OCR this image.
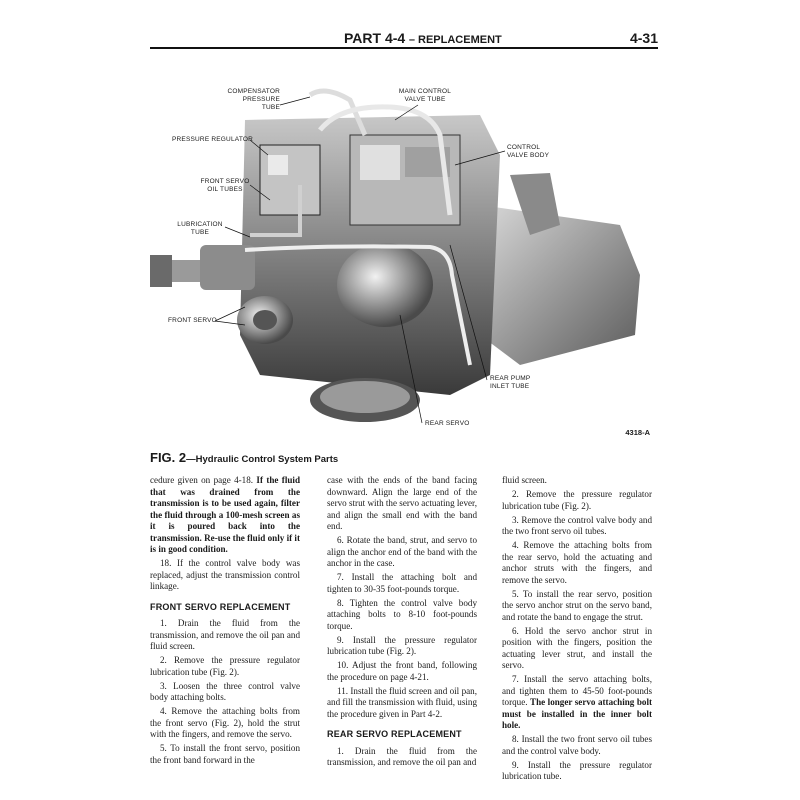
PART 4-4 – REPLACEMENT	4-31
COMPENSATOR
PRESSURE TUBE
MAIN CONTROL
VALVE TUBE
CONTROL
VALVE BODY
PRESSURE REGULATOR
FRONT SERVO
OIL TUBES
LUBRICATION
TUBE
FRONT SERVO
REAR PUMP
INLET TUBE
REAR SERVO
4318-A
FIG. 2—Hydraulic Control System Parts

cedure given on page 4-18. If the fluid that was drained from the transmission is to be used again, filter the fluid through a 100-mesh screen as it is poured back into the transmission. Re-use the fluid only if it is in good condition.

18. If the control valve body was replaced, adjust the transmission control linkage.

FRONT SERVO REPLACEMENT

1. Drain the fluid from the transmission, and remove the oil pan and fluid screen.

2. Remove the pressure regulator lubrication tube (Fig. 2).

3. Loosen the three control valve body attaching bolts.

4. Remove the attaching bolts from the front servo (Fig. 2), hold the strut with the fingers, and remove the servo.

5. To install the front servo, position the front band forward in the

case with the ends of the band facing downward. Align the large end of the servo strut with the servo actuating lever, and align the small end with the band end.

6. Rotate the band, strut, and servo to align the anchor end of the band with the anchor in the case.

7. Install the attaching bolt and tighten to 30-35 foot-pounds torque.

8. Tighten the control valve body attaching bolts to 8-10 foot-pounds torque.

9. Install the pressure regulator lubrication tube (Fig. 2).

10. Adjust the front band, following the procedure on page 4-21.

11. Install the fluid screen and oil pan, and fill the transmission with fluid, using the procedure given in Part 4-2.

REAR SERVO REPLACEMENT

1. Drain the fluid from the transmission, and remove the oil pan and

fluid screen.

2. Remove the pressure regulator lubrication tube (Fig. 2).

3. Remove the control valve body and the two front servo oil tubes.

4. Remove the attaching bolts from the rear servo, hold the actuating and anchor struts with the fingers, and remove the servo.

5. To install the rear servo, position the servo anchor strut on the servo band, and rotate the band to engage the strut.

6. Hold the servo anchor strut in position with the fingers, position the actuating lever strut, and install the servo.

7. Install the servo attaching bolts, and tighten them to 45-50 foot-pounds torque. The longer servo attaching bolt must be installed in the inner bolt hole.

8. Install the two front servo oil tubes and the control valve body.

9. Install the pressure regulator lubrication tube.
